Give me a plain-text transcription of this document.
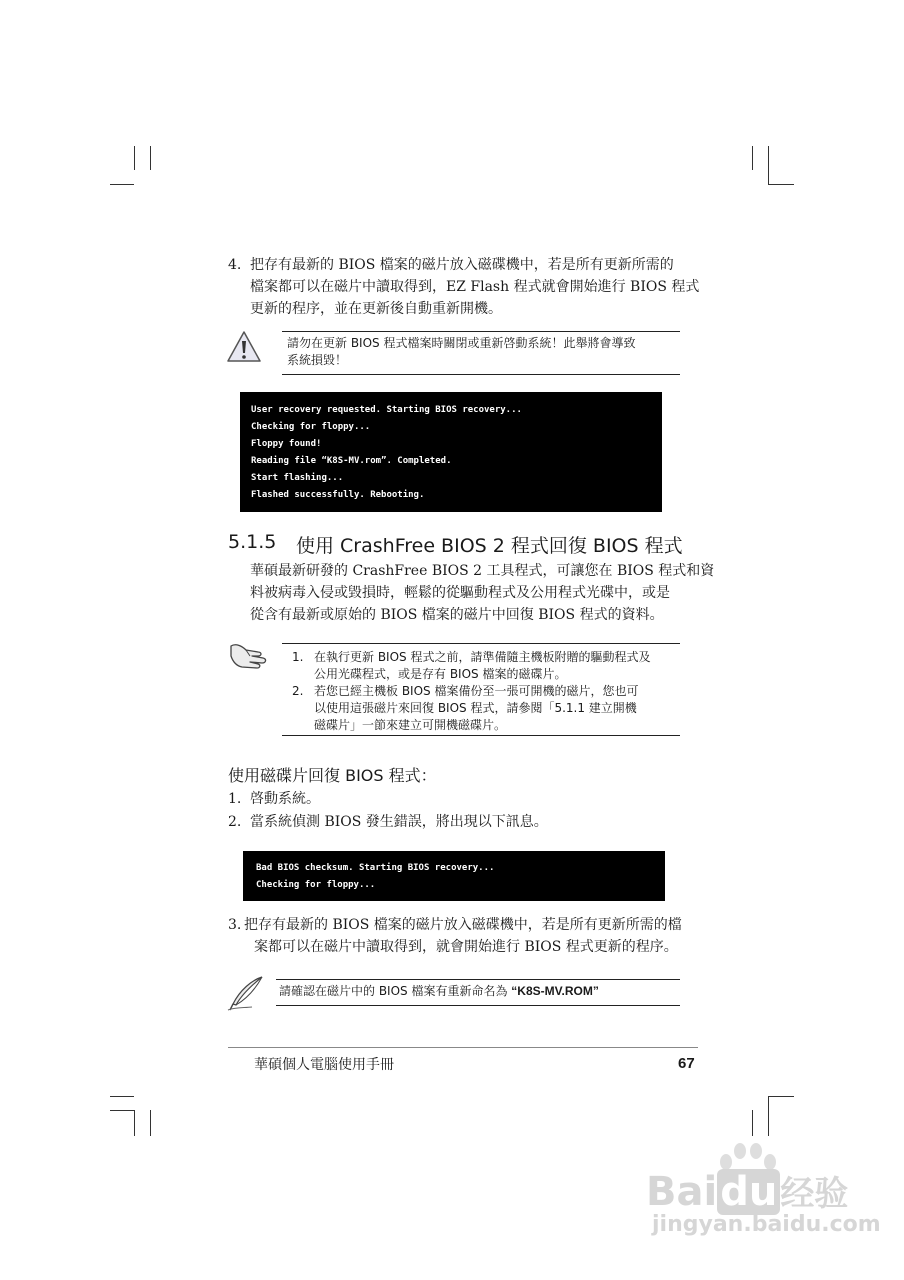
4. 把存有最新的 BIOS 檔案的磁片放入磁碟機中，若是所有更新所需的
檔案都可以在磁片中讀取得到，EZ Flash 程式就會開始進行 BIOS 程式
更新的程序，並在更新後自動重新開機。
請勿在更新 BIOS 程式檔案時關閉或重新啓動系統！此舉將會導致
系統損毀！
User recovery requested. Starting BIOS recovery...
Checking for floppy...
Floppy found!
Reading file “K8S-MV.rom”. Completed.
Start flashing...
Flashed successfully. Rebooting.
5.1.5 使用 CrashFree BIOS 2 程式回復 BIOS 程式
華碩最新研發的 CrashFree BIOS 2 工具程式，可讓您在 BIOS 程式和資
料被病毒入侵或毀損時，輕鬆的從驅動程式及公用程式光碟中，或是
從含有最新或原始的 BIOS 檔案的磁片中回復 BIOS 程式的資料。
1. 在執行更新 BIOS 程式之前，請準備隨主機板附贈的驅動程式及
公用光碟程式，或是存有 BIOS 檔案的磁碟片。
2. 若您已經主機板 BIOS 檔案備份至一張可開機的磁片，您也可
以使用這張磁片來回復 BIOS 程式，請參閱「5.1.1 建立開機
磁碟片」一節來建立可開機磁碟片。
使用磁碟片回復 BIOS 程式：
1. 啓動系統。
2. 當系統偵測 BIOS 發生錯誤，將出現以下訊息。
Bad BIOS checksum. Starting BIOS recovery...
Checking for floppy...
3. 把存有最新的 BIOS 檔案的磁片放入磁碟機中，若是所有更新所需的檔
案都可以在磁片中讀取得到，就會開始進行 BIOS 程式更新的程序。
請確認在磁片中的 BIOS 檔案有重新命名為 “K8S-MV.ROM”
華碩個人電腦使用手冊	67
Baidu经验
jingyan.baidu.com
